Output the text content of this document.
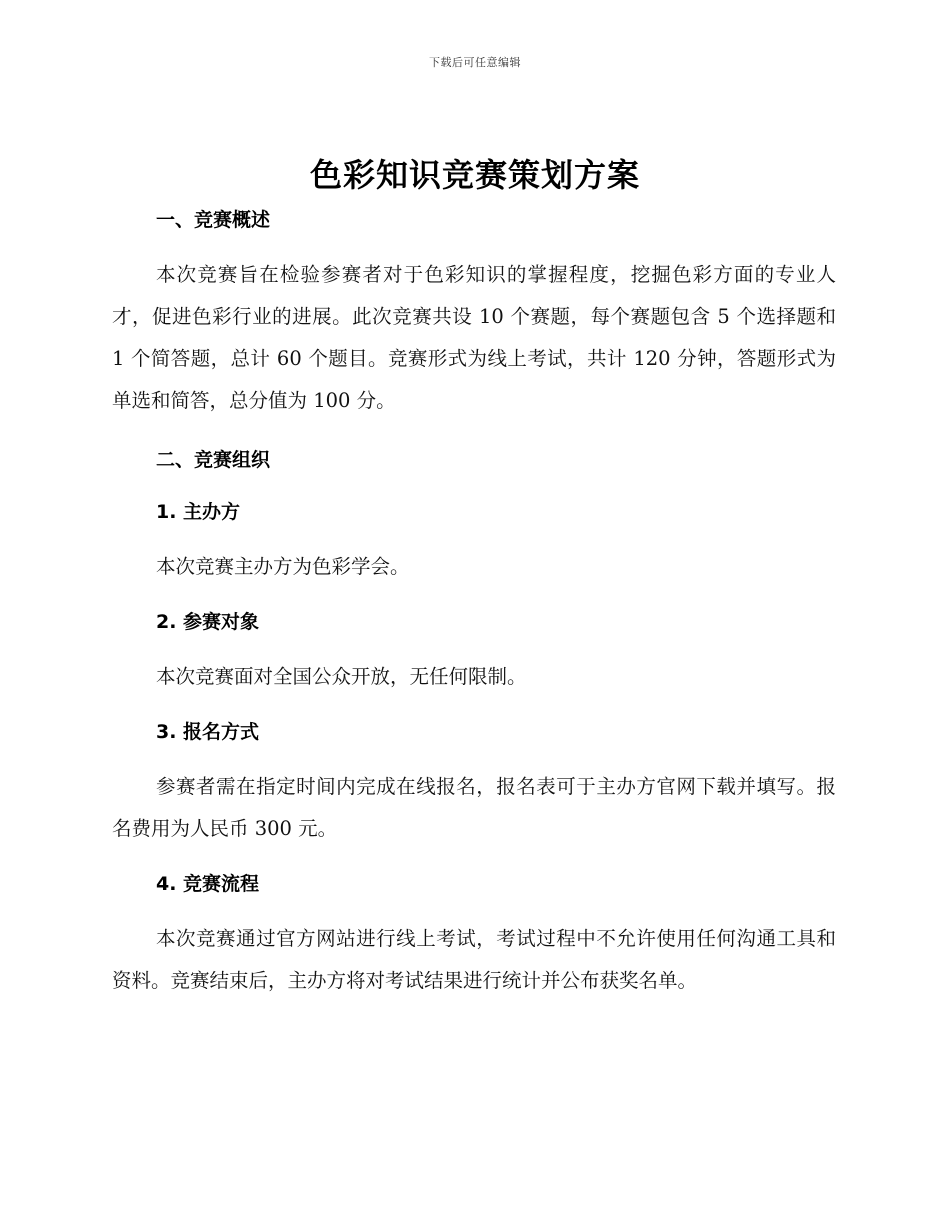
下载后可任意编辑
色彩知识竞赛策划方案
一、竞赛概述

本次竞赛旨在检验参赛者对于色彩知识的掌握程度，挖掘色彩方面的专业人才，促进色彩行业的进展。此次竞赛共设 10 个赛题，每个赛题包含 5 个选择题和 1 个简答题，总计 60 个题目。竞赛形式为线上考试，共计 120 分钟，答题形式为单选和简答，总分值为 100 分。

二、竞赛组织
1. 主办方

本次竞赛主办方为色彩学会。

2. 参赛对象

本次竞赛面对全国公众开放，无任何限制。

3. 报名方式

参赛者需在指定时间内完成在线报名，报名表可于主办方官网下载并填写。报名费用为人民币 300 元。

4. 竞赛流程

本次竞赛通过官方网站进行线上考试，考试过程中不允许使用任何沟通工具和资料。竞赛结束后，主办方将对考试结果进行统计并公布获奖名单。
